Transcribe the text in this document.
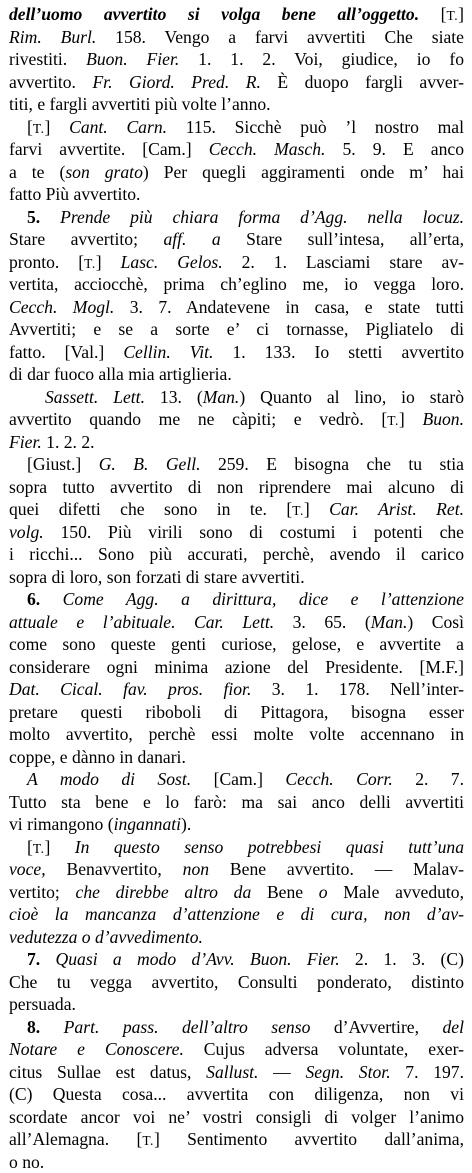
dell’uomo avvertito si volga bene all’oggetto. [T.]
Rim. Burl. 158. Vengo a farvi avvertiti Che siate
rivestiti. Buon. Fier. 1. 1. 2. Voi, giudice, io fo
avvertito. Fr. Giord. Pred. R. È duopo fargli avver-
titi, e fargli avvertiti più volte l’anno.
[T.] Cant. Carn. 115. Sicchè può ’l nostro mal
farvi avvertite. [Cam.] Cecch. Masch. 5. 9. E anco
a te (son grato) Per quegli aggiramenti onde m’ hai
fatto Più avvertito.
5. Prende più chiara forma d’Agg. nella locuz.
Stare avvertito; aff. a Stare sull’intesa, all’erta,
pronto. [T.] Lasc. Gelos. 2. 1. Lasciami stare av-
vertita, acciocchè, prima ch’eglino me, io vegga loro.
Cecch. Mogl. 3. 7. Andatevene in casa, e state tutti
Avvertiti; e se a sorte e’ ci tornasse, Pigliatelo di
fatto. [Val.] Cellin. Vit. 1. 133. Io stetti avvertito
di dar fuoco alla mia artiglieria.
Sassett. Lett. 13. (Man.) Quanto al lino, io starò
avvertito quando me ne càpiti; e vedrò. [T.] Buon.
Fier. 1. 2. 2.
[Giust.] G. B. Gell. 259. E bisogna che tu stia
sopra tutto avvertito di non riprendere mai alcuno di
quei difetti che sono in te. [T.] Car. Arist. Ret.
volg. 150. Più virili sono di costumi i potenti che
i ricchi... Sono più accurati, perchè, avendo il carico
sopra di loro, son forzati di stare avvertiti.
6. Come Agg. a dirittura, dice e l’attenzione
attuale e l’abituale. Car. Lett. 3. 65. (Man.) Così
come sono queste genti curiose, gelose, e avvertite a
considerare ogni minima azione del Presidente. [M.F.]
Dat. Cical. fav. pros. fior. 3. 1. 178. Nell’inter-
pretare questi riboboli di Pittagora, bisogna esser
molto avvertito, perchè essi molte volte accennano in
coppe, e dànno in danari.
A modo di Sost. [Cam.] Cecch. Corr. 2. 7.
Tutto sta bene e lo farò: ma sai anco delli avvertiti
vi rimangono (ingannati).
[T.] In questo senso potrebbesi quasi tutt’una
voce, Benavvertito, non Bene avvertito. — Malav-
vertito; che direbbe altro da Bene o Male avveduto,
cioè la mancanza d’attenzione e di cura, non d’av-
vedutezza o d’avvedimento.
7. Quasi a modo d’Avv. Buon. Fier. 2. 1. 3. (C)
Che tu vegga avvertito, Consulti ponderato, distinto
persuada.
8. Part. pass. dell’altro senso d’Avvertire, del
Notare e Conoscere. Cujus adversa voluntate, exer-
citus Sullae est datus, Sallust. — Segn. Stor. 7. 197.
(C) Questa cosa... avvertita con diligenza, non vi
scordate ancor voi ne’ vostri consigli di volger l’animo
all’Alemagna. [T.] Sentimento avvertito dall’anima,
o no.
